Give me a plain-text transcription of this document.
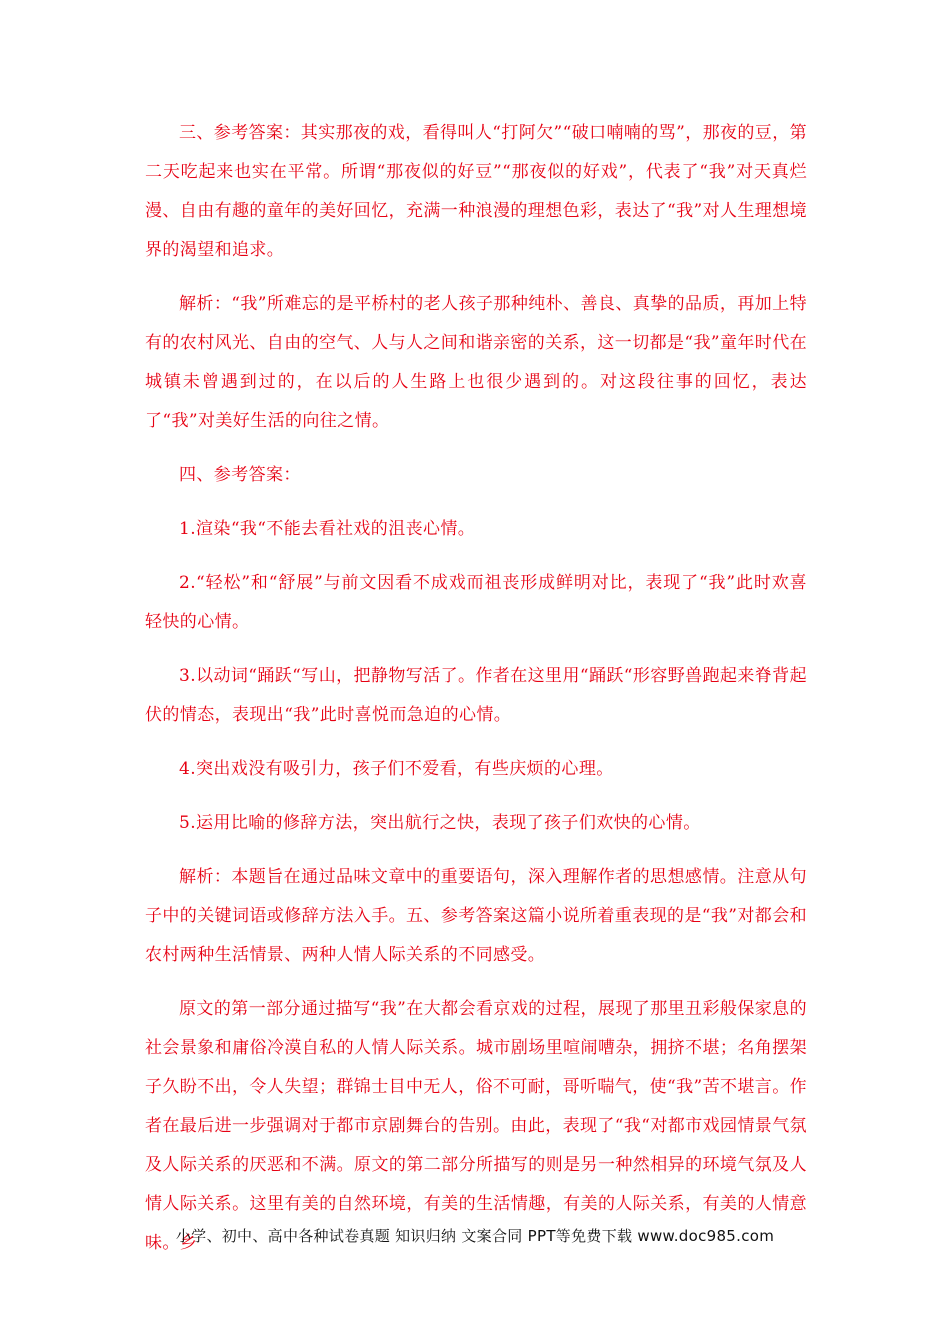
三、参考答案：其实那夜的戏，看得叫人“打阿欠”“破口喃喃的骂”，那夜的豆，第二天吃起来也实在平常。所谓“那夜似的好豆”“那夜似的好戏”，代表了“我”对天真烂漫、自由有趣的童年的美好回忆，充满一种浪漫的理想色彩，表达了“我”对人生理想境界的渴望和追求。

解析：“我”所难忘的是平桥村的老人孩子那种纯朴、善良、真挚的品质，再加上特有的农村风光、自由的空气、人与人之间和谐亲密的关系，这一切都是“我”童年时代在城镇未曾遇到过的，在以后的人生路上也很少遇到的。对这段往事的回忆，表达了“我”对美好生活的向往之情。

四、参考答案：

1.渲染“我“不能去看社戏的沮丧心情。

2.“轻松”和“舒展”与前文因看不成戏而祖丧形成鲜明对比，表现了“我”此时欢喜轻快的心情。

3.以动词“踊跃“写山，把静物写活了。作者在这里用“踊跃“形容野兽跑起来脊背起伏的情态，表现出“我”此时喜悦而急迫的心情。

4.突出戏没有吸引力，孩子们不爱看，有些庆烦的心理。

5.运用比喻的修辞方法，突出航行之快，表现了孩子们欢快的心情。

解析：本题旨在通过品味文章中的重要语句，深入理解作者的思想感情。注意从句子中的关键词语或修辞方法入手。五、参考答案这篇小说所着重表现的是“我”对都会和农村两种生活情景、两种人情人际关系的不同感受。

原文的第一部分通过描写“我”在大都会看京戏的过程，展现了那里丑彩般保家息的社会景象和庸俗冷漠自私的人情人际关系。城市剧场里喧闹嘈杂，拥挤不堪；名角摆架子久盼不出，令人失望；群锦士目中无人，俗不可耐，哥听喘气，使“我”苦不堪言。作者在最后进一步强调对于都市京剧舞台的告别。由此，表现了“我“对都市戏园情景气氛及人际关系的厌恶和不满。原文的第二部分所描写的则是另一种然相异的环境气氛及人情人际关系。这里有美的自然环境，有美的生活情趣，有美的人际关系，有美的人情意味。乡

小学、初中、高中各种试卷真题 知识归纳 文案合同 PPT等免费下载 www.doc985.com
